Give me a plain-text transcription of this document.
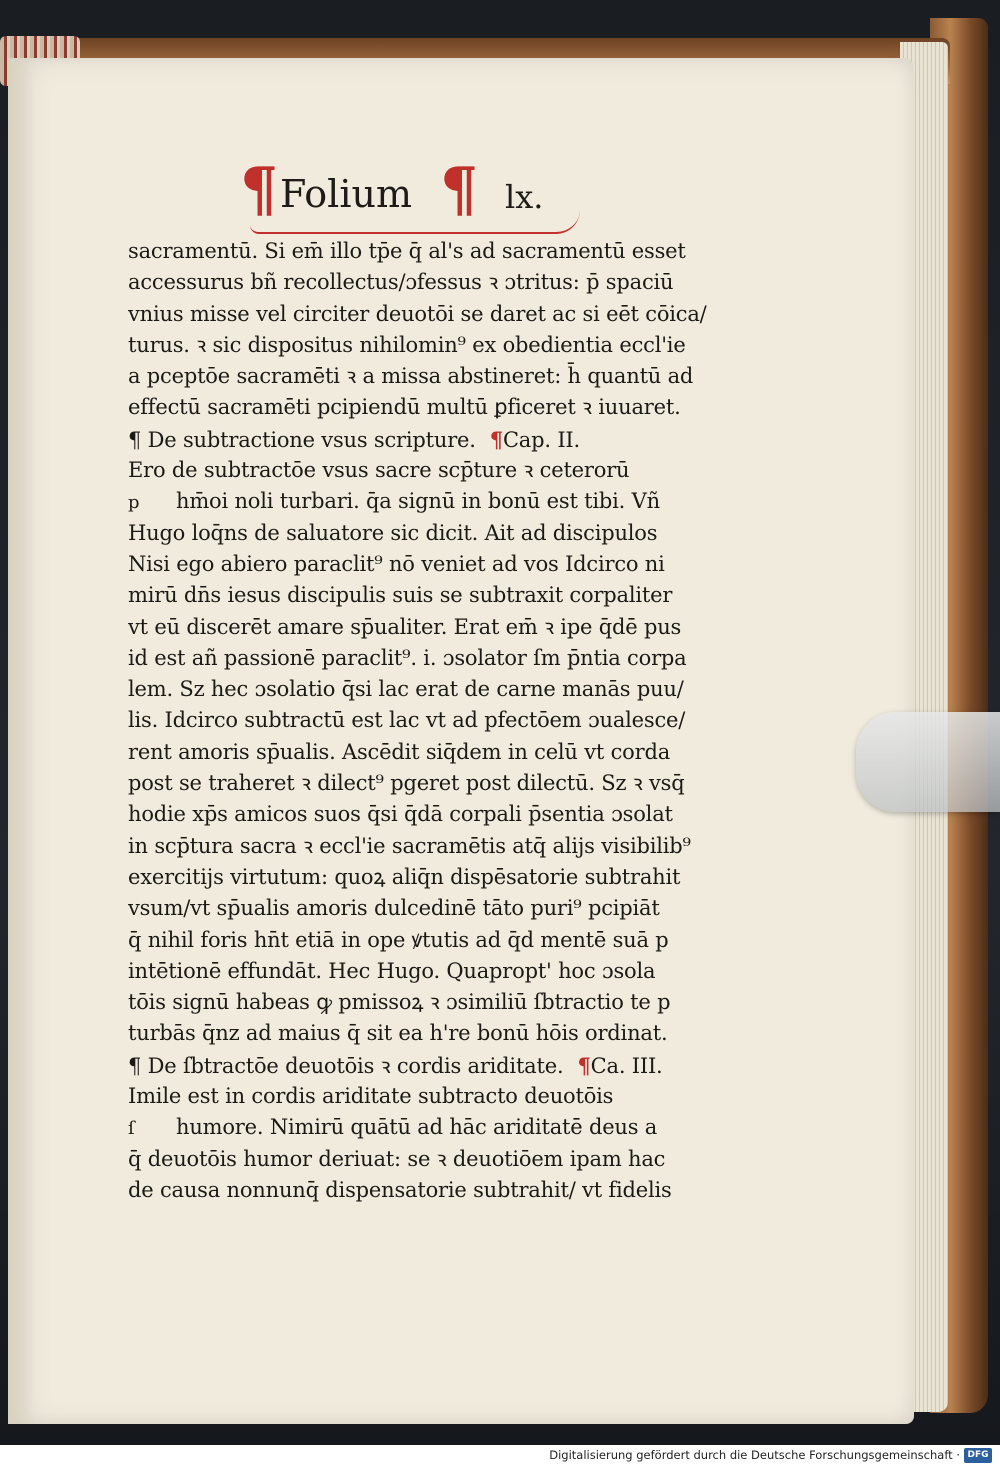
¶ Folium ¶ lx.
sacramentū. Si em̄ illo tp̄e q̄ al's ad sacramentū esset
accessurus bñ recollectus/ɔfessus ꝛ ɔtritus: p̄ spaciū
vnius misse vel circiter deuotōi se daret ac si eēt cōica/
turus. ꝛ sic dispositus nihilomin⁹ ex obedientia eccl'ie
a pceptōe sacramēti ꝛ a missa abstineret: h̄ quantū ad
effectū sacramēti pcipiendū multū ꝑficeret ꝛ iuuaret.
¶ De subtractione vsus scripture. ¶Cap. II.
Ero de subtractōe vsus sacre scp̄ture ꝛ ceterorū
p hm̄oi noli turbari. q̄a signū in bonū est tibi. Vñ
Hugo loq̄ns de saluatore sic dicit. Ait ad discipulos
Nisi ego abiero paraclit⁹ nō veniet ad vos Idcirco ni
mirū dn̄s iesus discipulis suis se subtraxit corpaliter
vt eū discerēt amare sp̄ualiter. Erat em̄ ꝛ ipe q̄dē pus
id est añ passionē paraclit⁹. i. ɔsolator ſm p̄ntia corpa
lem. Sz hec ɔsolatio q̄si lac erat de carne manās puu/
lis. Idcirco subtractū est lac vt ad pfectōem ɔualesce/
rent amoris sp̄ualis. Ascēdit siq̄dem in celū vt corda
post se traheret ꝛ dilect⁹ pgeret post dilectū. Sz ꝛ vsq̄
hodie xp̄s amicos suos q̄si q̄dā corpali p̄sentia ɔsolat
in scp̄tura sacra ꝛ eccl'ie sacramētis atq̄ alijs visibilib⁹
exercitijs virtutum: quoꝝ aliq̄n dispēsatorie subtrahit
vsum/vt sp̄ualis amoris dulcedinē tāto puri⁹ pcipiāt
q̄ nihil foris hn̄t etiā in ope ꝟtutis ad q̄d mentē suā p
intētionē effundāt. Hec Hugo. Quapropt' hoc ɔsola
tōis signū habeas ꝙ pmissoꝝ ꝛ ɔsimiliū ſbtractio te p
turbās q̄nz ad maius q̄ sit ea h're bonū hōis ordinat.
¶ De ſbtractōe deuotōis ꝛ cordis ariditate. ¶Ca. III.
Imile est in cordis ariditate subtracto deuotōis
ſ humore. Nimirū quātū ad hāc ariditatē deus a
q̄ deuotōis humor deriuat: se ꝛ deuotiōem ipam hac
de causa nonnunq̄ dispensatorie subtrahit/ vt fidelis
Digitalisierung gefördert durch die Deutsche Forschungsgemeinschaft · DFG
